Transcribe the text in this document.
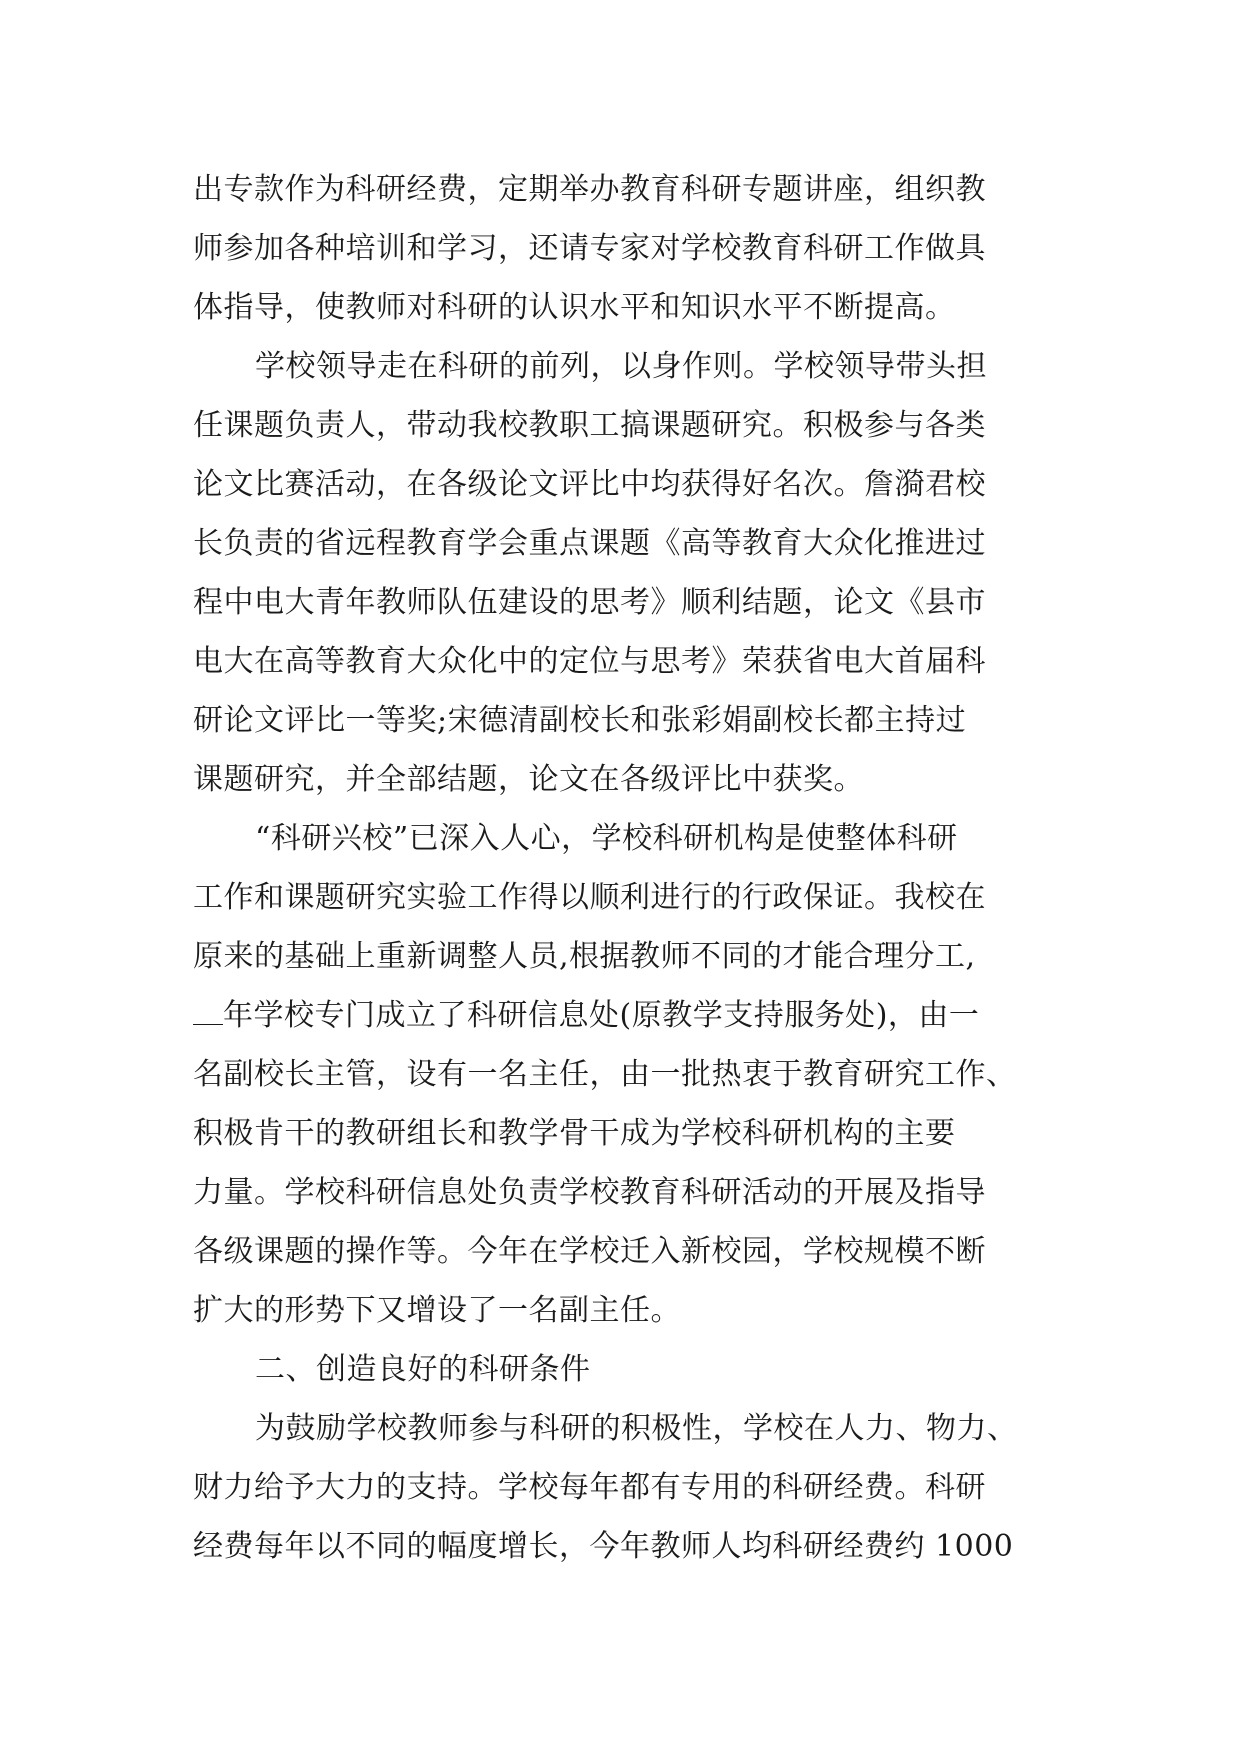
出专款作为科研经费，定期举办教育科研专题讲座，组织教
师参加各种培训和学习，还请专家对学校教育科研工作做具
体指导，使教师对科研的认识水平和知识水平不断提高。
学校领导走在科研的前列，以身作则。学校领导带头担
任课题负责人，带动我校教职工搞课题研究。积极参与各类
论文比赛活动，在各级论文评比中均获得好名次。詹漪君校
长负责的省远程教育学会重点课题《高等教育大众化推进过
程中电大青年教师队伍建设的思考》顺利结题，论文《县市
电大在高等教育大众化中的定位与思考》荣获省电大首届科
研论文评比一等奖;宋德清副校长和张彩娟副校长都主持过
课题研究，并全部结题，论文在各级评比中获奖。
“科研兴校”已深入人心，学校科研机构是使整体科研
工作和课题研究实验工作得以顺利进行的行政保证。我校在
原来的基础上重新调整人员,根据教师不同的才能合理分工,
年学校专门成立了科研信息处(原教学支持服务处)，由一
名副校长主管，设有一名主任，由一批热衷于教育研究工作、
积极肯干的教研组长和教学骨干成为学校科研机构的主要
力量。学校科研信息处负责学校教育科研活动的开展及指导
各级课题的操作等。今年在学校迁入新校园，学校规模不断
扩大的形势下又增设了一名副主任。
二、创造良好的科研条件
为鼓励学校教师参与科研的积极性，学校在人力、物力、
财力给予大力的支持。学校每年都有专用的科研经费。科研
经费每年以不同的幅度增长，今年教师人均科研经费约 1000
